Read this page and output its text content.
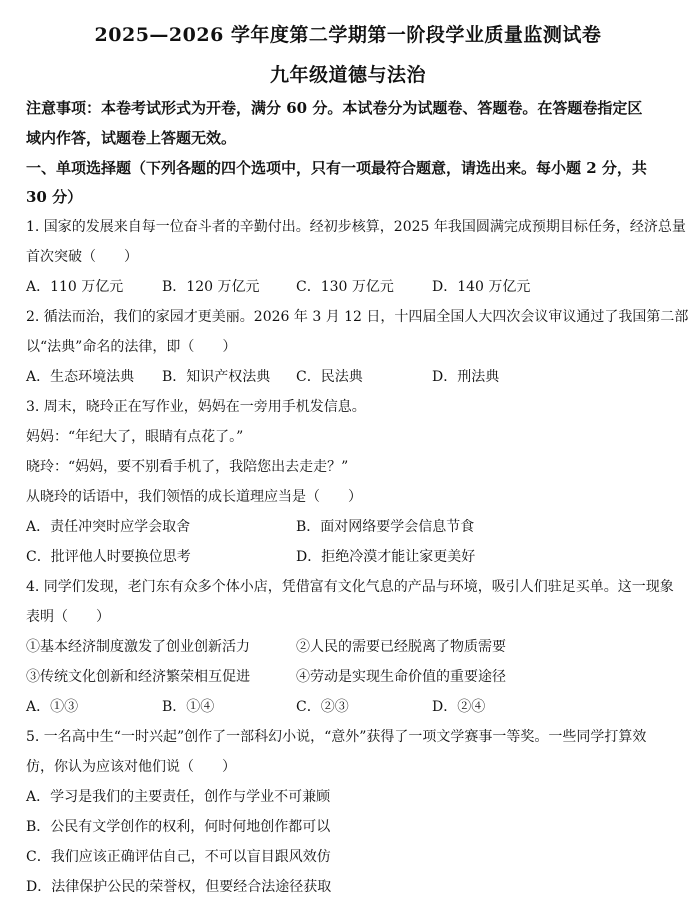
2025—2026 学年度第二学期第一阶段学业质量监测试卷
九年级道德与法治
注意事项：本卷考试形式为开卷，满分 60 分。本试卷分为试题卷、答题卷。在答题卷指定区
域内作答，试题卷上答题无效。
一、单项选择题（下列各题的四个选项中，只有一项最符合题意，请选出来。每小题 2 分，共
30 分）
1. 国家的发展来自每一位奋斗者的辛勤付出。经初步核算，2025 年我国圆满完成预期目标任务，经济总量
首次突破（　　）
A．110 万亿元	B．120 万亿元	C．130 万亿元	D．140 万亿元
2. 循法而治，我们的家园才更美丽。2026 年 3 月 12 日，十四届全国人大四次会议审议通过了我国第二部
以“法典”命名的法律，即（　　）
A．生态环境法典 B．知识产权法典 C．民法典	D．刑法典
3. 周末，晓玲正在写作业，妈妈在一旁用手机发信息。
妈妈：“年纪大了，眼睛有点花了。”
晓玲：“妈妈，要不别看手机了，我陪您出去走走？”
从晓玲的话语中，我们领悟的成长道理应当是（　　）
A．责任冲突时应学会取舍	B．面对网络要学会信息节食
C．批评他人时要换位思考	D．拒绝冷漠才能让家更美好
4. 同学们发现，老门东有众多个体小店，凭借富有文化气息的产品与环境，吸引人们驻足买单。这一现象
表明（　　）
①基本经济制度激发了创业创新活力	②人民的需要已经脱离了物质需要
③传统文化创新和经济繁荣相互促进	④劳动是实现生命价值的重要途径
A．①③	B．①④	C．②③	D．②④
5. 一名高中生“一时兴起”创作了一部科幻小说，“意外”获得了一项文学赛事一等奖。一些同学打算效
仿，你认为应该对他们说（　　）
A．学习是我们的主要责任，创作与学业不可兼顾
B．公民有文学创作的权利，何时何地创作都可以
C．我们应该正确评估自己，不可以盲目跟风效仿
D．法律保护公民的荣誉权，但要经合法途径获取
